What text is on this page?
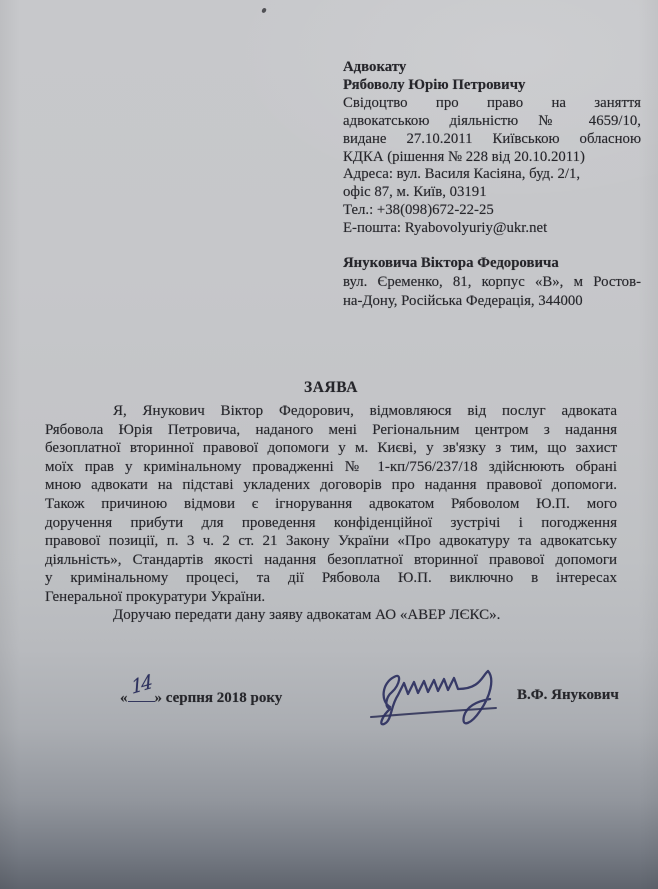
Адвокату
Рябоволу Юрію Петровичу
Свідоцтво про право на заняття
адвокатською діяльністю № 4659/10,
видане 27.10.2011 Київською обласною
КДКА (рішення № 228 від 20.10.2011)
Адреса: вул. Василя Касіяна, буд. 2/1,
офіс 87, м. Київ, 03191
Тел.: +38(098)672-22-25
Е-пошта: Ryabovolyuriy@ukr.net
Януковича Віктора Федоровича
вул. Єременко, 81, корпус «В», м Ростов-
на-Дону, Російська Федерація, 344000
ЗАЯВА
Я, Янукович Віктор Федорович, відмовляюся від послуг адвоката
Рябовола Юрія Петровича, наданого мені Регіональним центром з надання
безоплатної вторинної правової допомоги у м. Києві, у зв'язку з тим, що захист
моїх прав у кримінальному провадженні № 1-кп/756/237/18 здійснюють обрані
мною адвокати на підставі укладених договорів про надання правової допомоги.
Також причиною відмови є ігнорування адвокатом Рябоволом Ю.П. мого
доручення прибути для проведення конфіденційної зустрічі і погодження
правової позиції, п. 3 ч. 2 ст. 21 Закону України «Про адвокатуру та адвокатську
діяльність», Стандартів якості надання безоплатної вторинної правової допомоги
у кримінальному процесі, та дії Рябовола Ю.П. виключно в інтересах
Генеральної прокуратури України.
Доручаю передати дану заяву адвокатам АО «АВЕР ЛЄКС».
« 14 » серпня 2018 року	В.Ф. Янукович
